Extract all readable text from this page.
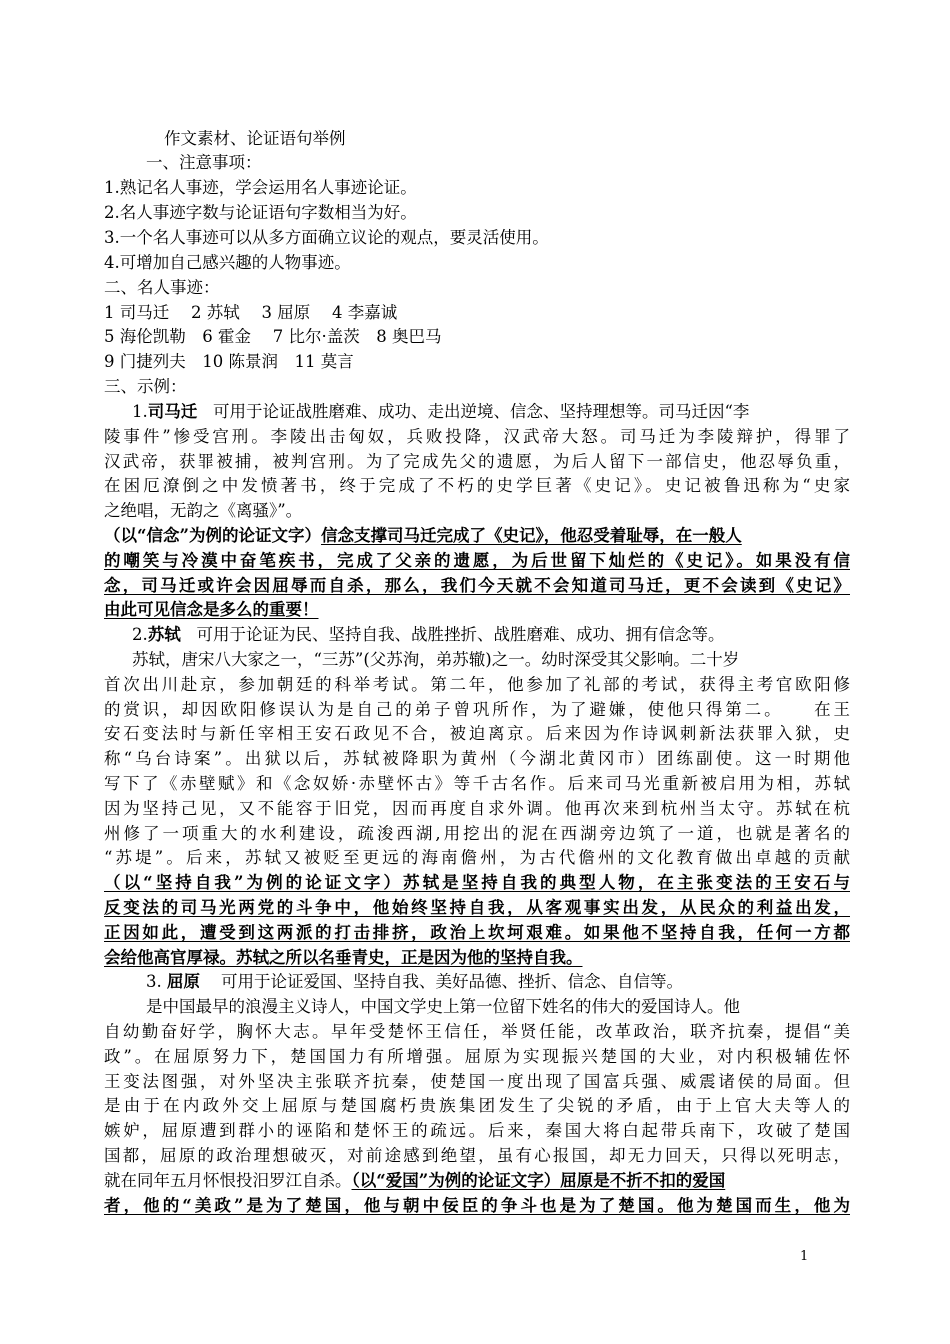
作文素材、论证语句举例
一、注意事项：
1.熟记名人事迹，学会运用名人事迹论证。
2.名人事迹字数与论证语句字数相当为好。
3.一个名人事迹可以从多方面确立议论的观点，要灵活使用。
4.可增加自己感兴趣的人物事迹。
二、名人事迹：
1 司马迁　 2 苏轼　 3 屈原　 4 李嘉诚
5 海伦凯勒　6 霍金　 7 比尔·盖茨　8 奥巴马
9 门捷列夫　10 陈景润　11 莫言
三、示例：
1.司马迁 可用于论证战胜磨难、成功、走出逆境、信念、坚持理想等。司马迁因“李
陵事件”惨受宫刑。李陵出击匈奴，兵败投降，汉武帝大怒。司马迁为李陵辩护，得罪了
汉武帝，获罪被捕，被判宫刑。为了完成先父的遗愿，为后人留下一部信史，他忍辱负重，
在困厄潦倒之中发愤著书，终于完成了不朽的史学巨著《史记》。史记被鲁迅称为“史家
之绝唱，无韵之《离骚》”。
（以“信念”为例的论证文字）信念支撑司马迁完成了《史记》，他忍受着耻辱，在一般人
的嘲笑与冷漠中奋笔疾书，完成了父亲的遗愿，为后世留下灿烂的《史记》。如果没有信
念，司马迁或许会因屈辱而自杀，那么，我们今天就不会知道司马迁，更不会读到《史记》
由此可见信念是多么的重要！
2.苏轼 可用于论证为民、坚持自我、战胜挫折、战胜磨难、成功、拥有信念等。
苏轼，唐宋八大家之一，“三苏”(父苏洵，弟苏辙)之一。幼时深受其父影响。二十岁
首次出川赴京，参加朝廷的科举考试。第二年，他参加了礼部的考试，获得主考官欧阳修
的赏识，却因欧阳修误认为是自己的弟子曾巩所作，为了避嫌，使他只得第二。　　在王
安石变法时与新任宰相王安石政见不合，被迫离京。后来因为作诗讽刺新法获罪入狱，史
称“乌台诗案”。出狱以后，苏轼被降职为黄州（今湖北黄冈市）团练副使。这一时期他
写下了《赤壁赋》和《念奴娇·赤壁怀古》等千古名作。后来司马光重新被启用为相，苏轼
因为坚持己见，又不能容于旧党，因而再度自求外调。他再次来到杭州当太守。苏轼在杭
州修了一项重大的水利建设，疏浚西湖,用挖出的泥在西湖旁边筑了一道，也就是著名的
“苏堤”。后来，苏轼又被贬至更远的海南儋州，为古代儋州的文化教育做出卓越的贡献
（以“坚持自我”为例的论证文字）苏轼是坚持自我的典型人物，在主张变法的王安石与
反变法的司马光两党的斗争中，他始终坚持自我，从客观事实出发，从民众的利益出发，
正因如此，遭受到这两派的打击排挤，政治上坎坷艰难。如果他不坚持自我，任何一方都
会给他高官厚禄。苏轼之所以名垂青史，正是因为他的坚持自我。
3. 屈原 可用于论证爱国、坚持自我、美好品德、挫折、信念、自信等。
是中国最早的浪漫主义诗人，中国文学史上第一位留下姓名的伟大的爱国诗人。他
自幼勤奋好学，胸怀大志。早年受楚怀王信任，举贤任能，改革政治，联齐抗秦，提倡“美
政”。在屈原努力下，楚国国力有所增强。屈原为实现振兴楚国的大业，对内积极辅佐怀
王变法图强，对外坚决主张联齐抗秦，使楚国一度出现了国富兵强、威震诸侯的局面。但
是由于在内政外交上屈原与楚国腐朽贵族集团发生了尖锐的矛盾，由于上官大夫等人的
嫉妒，屈原遭到群小的诬陷和楚怀王的疏远。后来，秦国大将白起带兵南下，攻破了楚国
国都，屈原的政治理想破灭，对前途感到绝望，虽有心报国，却无力回天，只得以死明志，
就在同年五月怀恨投汨罗江自杀。（以“爱国”为例的论证文字）屈原是不折不扣的爱国
者，他的“美政”是为了楚国，他与朝中佞臣的争斗也是为了楚国。他为楚国而生，他为
1
